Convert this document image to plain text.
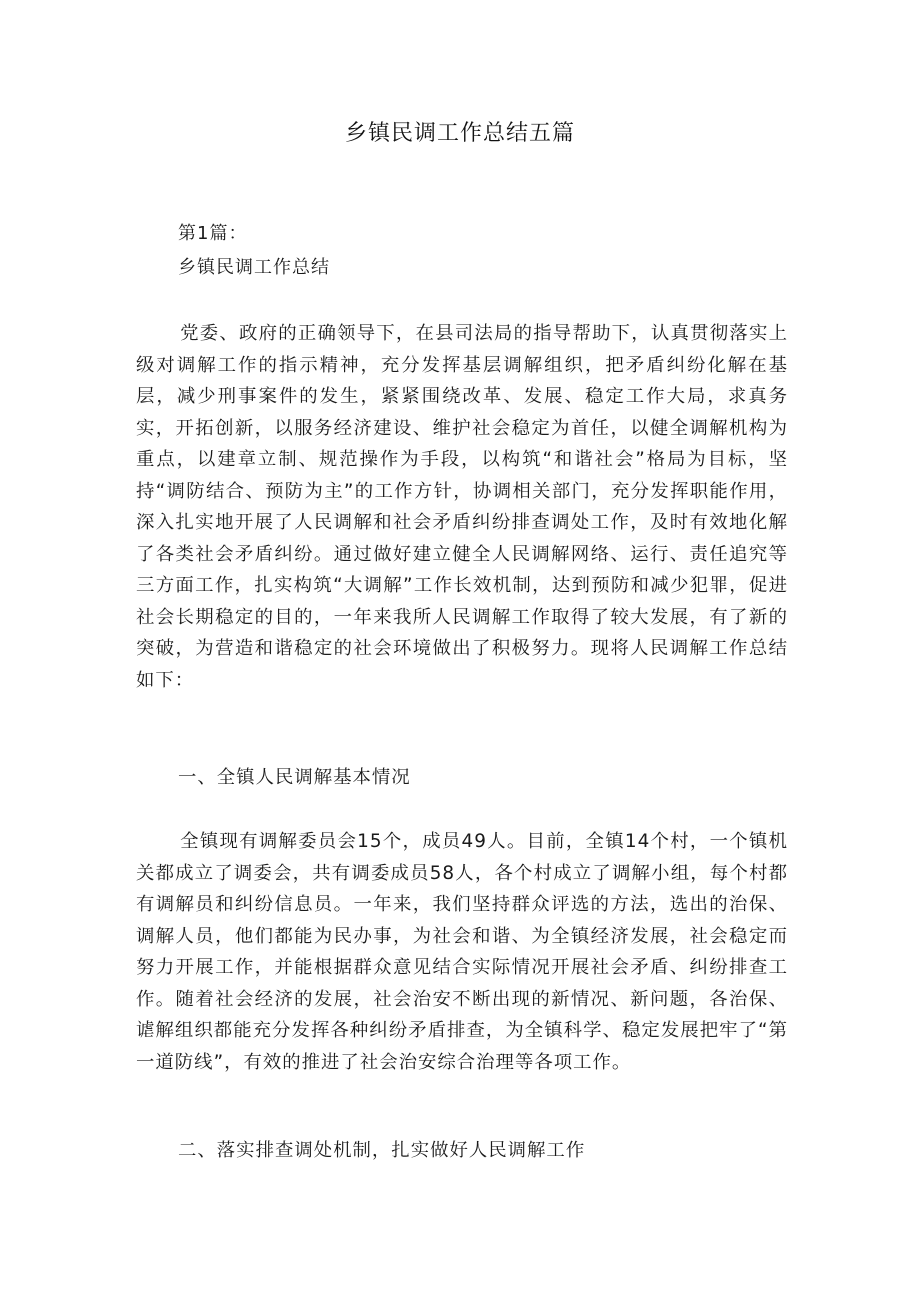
乡镇民调工作总结五篇
第1篇：
乡镇民调工作总结

党委、政府的正确领导下，在县司法局的指导帮助下，认真贯彻落实上级对调解工作的指示精神，充分发挥基层调解组织，把矛盾纠纷化解在基层，减少刑事案件的发生，紧紧围绕改革、发展、稳定工作大局，求真务实，开拓创新，以服务经济建设、维护社会稳定为首任，以健全调解机构为重点，以建章立制、规范操作为手段，以构筑“和谐社会”格局为目标，坚持“调防结合、预防为主”的工作方针，协调相关部门，充分发挥职能作用，深入扎实地开展了人民调解和社会矛盾纠纷排查调处工作，及时有效地化解了各类社会矛盾纠纷。通过做好建立健全人民调解网络、运行、责任追究等三方面工作，扎实构筑“大调解”工作长效机制，达到预防和减少犯罪，促进社会长期稳定的目的，一年来我所人民调解工作取得了较大发展，有了新的突破，为营造和谐稳定的社会环境做出了积极努力。现将人民调解工作总结如下：

一、全镇人民调解基本情况

全镇现有调解委员会15个，成员49人。目前，全镇14个村，一个镇机关都成立了调委会，共有调委成员58人，各个村成立了调解小组，每个村都有调解员和纠纷信息员。一年来，我们坚持群众评选的方法，选出的治保、调解人员，他们都能为民办事，为社会和谐、为全镇经济发展，社会稳定而努力开展工作，并能根据群众意见结合实际情况开展社会矛盾、纠纷排查工作。随着社会经济的发展，社会治安不断出现的新情况、新问题，各治保、谑解组织都能充分发挥各种纠纷矛盾排查，为全镇科学、稳定发展把牢了“第一道防线”，有效的推进了社会治安综合治理等各项工作。

二、落实排查调处机制，扎实做好人民调解工作
